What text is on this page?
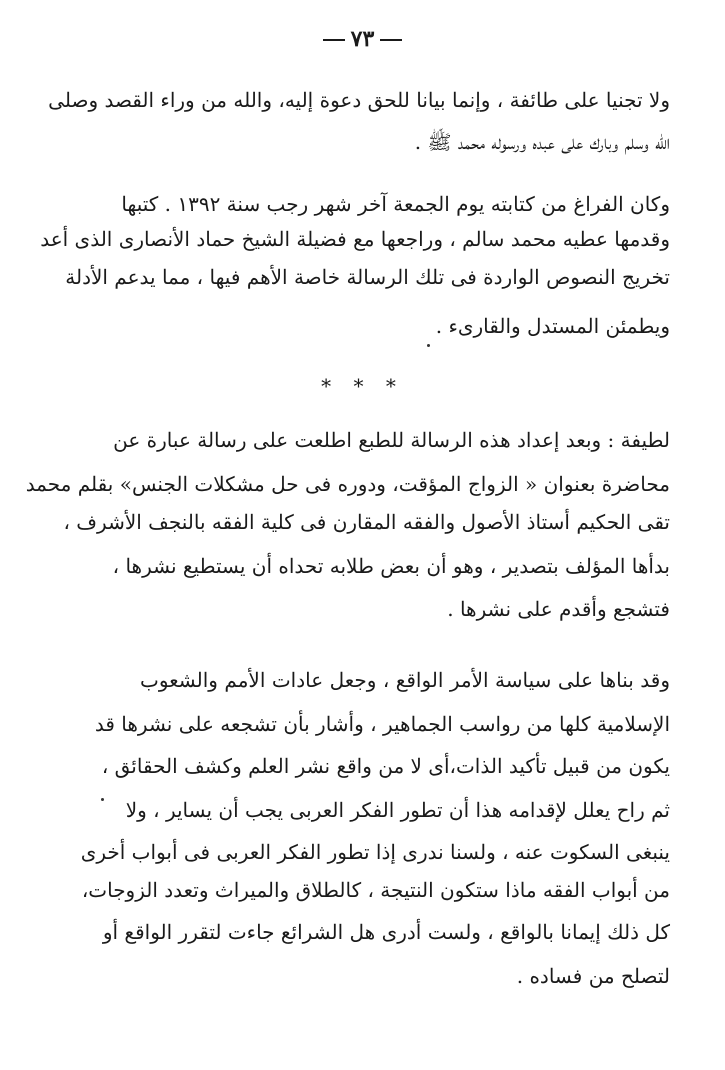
٧٣
ولا تجنيا على طائفة ، وإنما بيانا للحق دعوة إليه، والله من وراء القصد وصلى
الله وسلم وبارك على عبده ورسوله محمد ﷺ .
وكان الفراغ من كتابته يوم الجمعة آخر شهر رجب سنة ١٣٩٢ . كتبها
وقدمها عطيه محمد سالم ، وراجعها مع فضيلة الشيخ حماد الأنصارى الذى أعد
تخريج النصوص الواردة فى تلك الرسالة خاصة الأهم فيها ، مما يدعم الأدلة
ويطمئن المستدل والقارىء .
* * *
لطيفة : وبعد إعداد هذه الرسالة للطبع اطلعت على رسالة عبارة عن
محاضرة بعنوان « الزواج المؤقت، ودوره فى حل مشكلات الجنس» بقلم محمد
تقى الحكيم أستاذ الأصول والفقه المقارن فى كلية الفقه بالنجف الأشرف ،
بدأها المؤلف بتصدير ، وهو أن بعض طلابه تحداه أن يستطيع نشرها ،
فتشجع وأقدم على نشرها .
وقد بناها على سياسة الأمر الواقع ، وجعل عادات الأمم والشعوب
الإسلامية كلها من رواسب الجماهير ، وأشار بأن تشجعه على نشرها قد
يكون من قبيل تأكيد الذات،أى لا من واقع نشر العلم وكشف الحقائق ،
ثم راح يعلل لإقدامه هذا أن تطور الفكر العربى يجب أن يساير ، ولا
ينبغى السكوت عنه ، ولسنا ندرى إذا تطور الفكر العربى فى أبواب أخرى
من أبواب الفقه ماذا ستكون النتيجة ، كالطلاق والميراث وتعدد الزوجات،
كل ذلك إيمانا بالواقع ، ولست أدرى هل الشرائع جاءت لتقرر الواقع أو
لتصلح من فساده .
